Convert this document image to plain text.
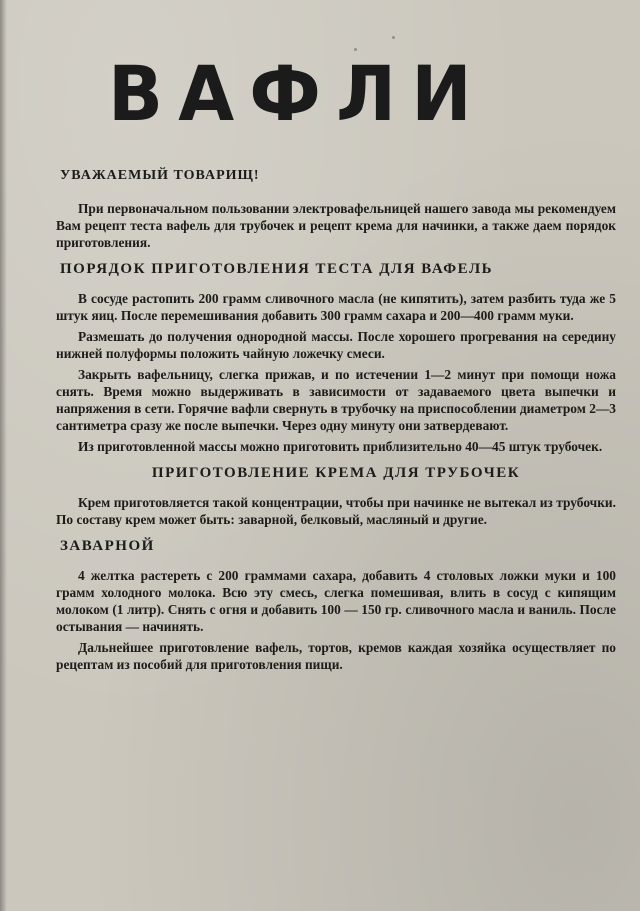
ВАФЛИ
УВАЖАЕМЫЙ ТОВАРИЩ!

При первоначальном пользовании электровафельницей нашего завода мы рекомендуем Вам рецепт теста вафель для трубочек и рецепт крема для начинки, а также даем порядок приготовления.

ПОРЯДОК ПРИГОТОВЛЕНИЯ ТЕСТА ДЛЯ ВАФЕЛЬ

В сосуде растопить 200 грамм сливочного масла (не кипятить), затем разбить туда же 5 штук яиц. После перемешивания добавить 300 грамм сахара и 200—400 грамм муки.

Размешать до получения однородной массы. После хорошего прогревания на середину нижней полуформы положить чайную ложечку смеси.

Закрыть вафельницу, слегка прижав, и по истечении 1—2 минут при помощи ножа снять. Время можно выдерживать в зависимости от задаваемого цвета выпечки и напряжения в сети. Горячие вафли свернуть в трубочку на приспособлении диаметром 2—3 сантиметра сразу же после выпечки. Через одну минуту они затвердевают.

Из приготовленной массы можно приготовить приблизительно 40—45 штук трубочек.

ПРИГОТОВЛЕНИЕ КРЕМА ДЛЯ ТРУБОЧЕК

Крем приготовляется такой концентрации, чтобы при начинке не вытекал из трубочки. По составу крем может быть: заварной, белковый, масляный и другие.

ЗАВАРНОЙ

4 желтка растереть с 200 граммами сахара, добавить 4 столовых ложки муки и 100 грамм холодного молока. Всю эту смесь, слегка помешивая, влить в сосуд с кипящим молоком (1 литр). Снять с огня и добавить 100 — 150 гр. сливочного масла и ваниль. После остывания — начинять.

Дальнейшее приготовление вафель, тортов, кремов каждая хозяйка осуществляет по рецептам из пособий для приготовления пищи.
